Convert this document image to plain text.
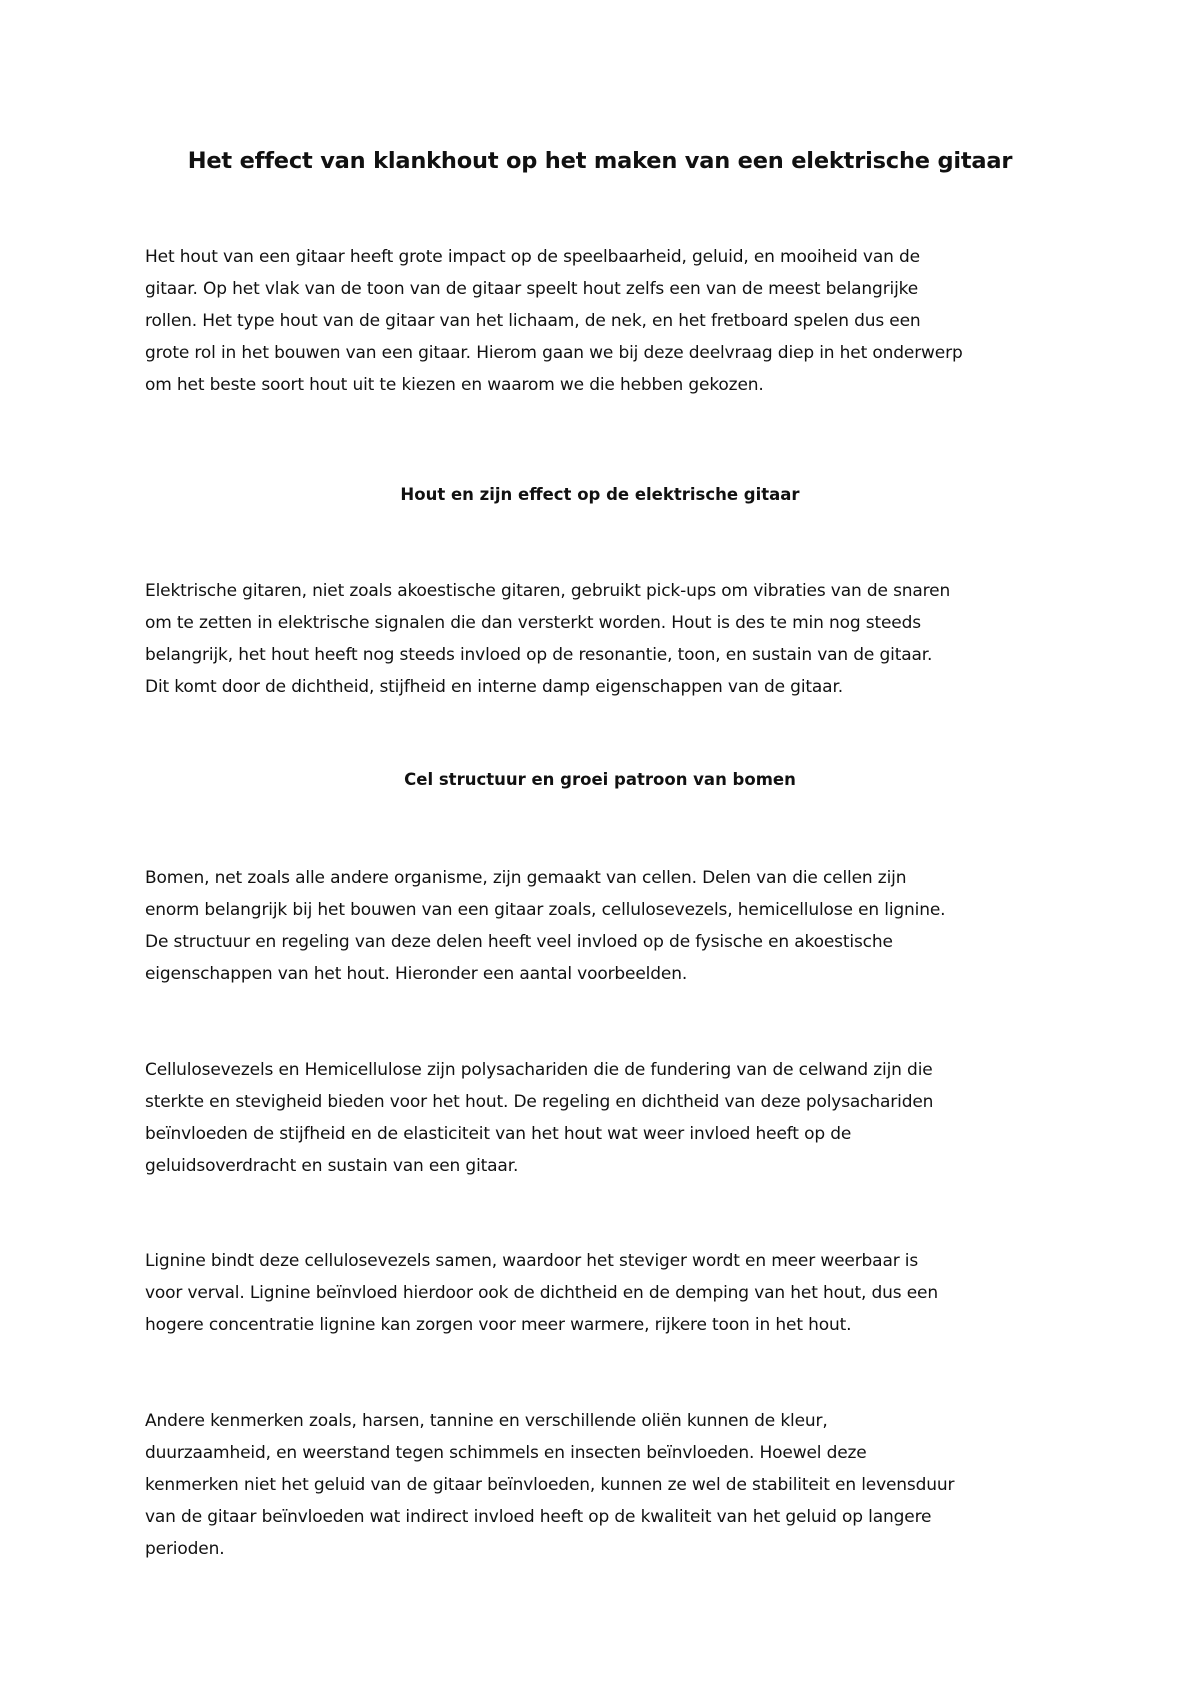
Het effect van klankhout op het maken van een elektrische gitaar
Het hout van een gitaar heeft grote impact op de speelbaarheid, geluid, en mooiheid van de
gitaar. Op het vlak van de toon van de gitaar speelt hout zelfs een van de meest belangrijke
rollen. Het type hout van de gitaar van het lichaam, de nek, en het fretboard spelen dus een
grote rol in het bouwen van een gitaar. Hierom gaan we bij deze deelvraag diep in het onderwerp
om het beste soort hout uit te kiezen en waarom we die hebben gekozen.
Hout en zijn effect op de elektrische gitaar
Elektrische gitaren, niet zoals akoestische gitaren, gebruikt pick-ups om vibraties van de snaren
om te zetten in elektrische signalen die dan versterkt worden. Hout is des te min nog steeds
belangrijk, het hout heeft nog steeds invloed op de resonantie, toon, en sustain van de gitaar.
Dit komt door de dichtheid, stijfheid en interne damp eigenschappen van de gitaar.
Cel structuur en groei patroon van bomen
Bomen, net zoals alle andere organisme, zijn gemaakt van cellen. Delen van die cellen zijn
enorm belangrijk bij het bouwen van een gitaar zoals, cellulosevezels, hemicellulose en lignine.
De structuur en regeling van deze delen heeft veel invloed op de fysische en akoestische
eigenschappen van het hout. Hieronder een aantal voorbeelden.
Cellulosevezels en Hemicellulose zijn polysachariden die de fundering van de celwand zijn die
sterkte en stevigheid bieden voor het hout. De regeling en dichtheid van deze polysachariden
beïnvloeden de stijfheid en de elasticiteit van het hout wat weer invloed heeft op de
geluidsoverdracht en sustain van een gitaar.
Lignine bindt deze cellulosevezels samen, waardoor het steviger wordt en meer weerbaar is
voor verval. Lignine beïnvloed hierdoor ook de dichtheid en de demping van het hout, dus een
hogere concentratie lignine kan zorgen voor meer warmere, rijkere toon in het hout.
Andere kenmerken zoals, harsen, tannine en verschillende oliën kunnen de kleur,
duurzaamheid, en weerstand tegen schimmels en insecten beïnvloeden. Hoewel deze
kenmerken niet het geluid van de gitaar beïnvloeden, kunnen ze wel de stabiliteit en levensduur
van de gitaar beïnvloeden wat indirect invloed heeft op de kwaliteit van het geluid op langere
perioden.
